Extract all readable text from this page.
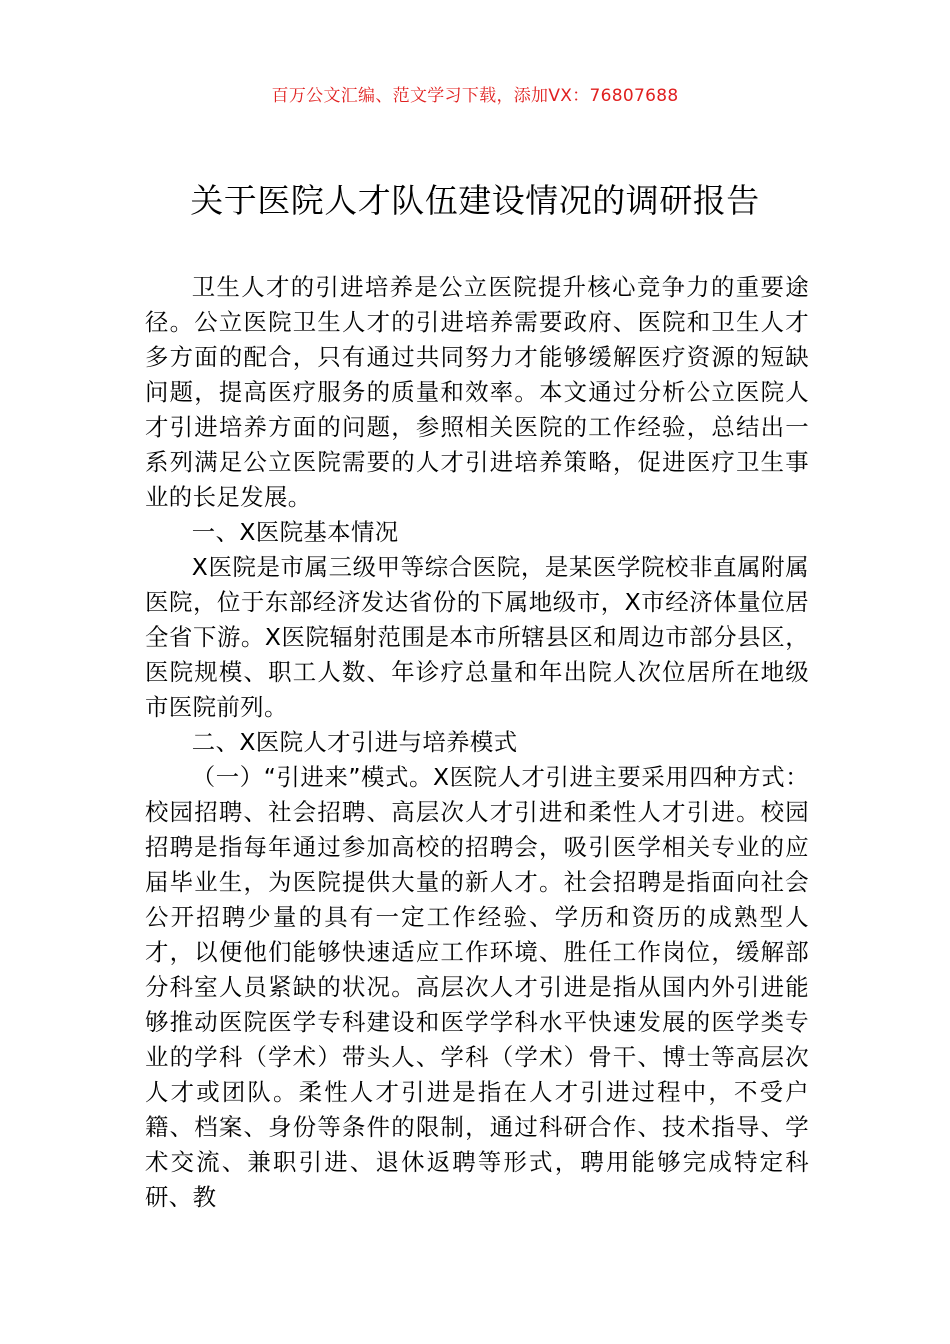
百万公文汇编、范文学习下载，添加VX：76807688
关于医院人才队伍建设情况的调研报告

卫生人才的引进培养是公立医院提升核心竞争力的重要途径。公立医院卫生人才的引进培养需要政府、医院和卫生人才多方面的配合，只有通过共同努力才能够缓解医疗资源的短缺问题，提高医疗服务的质量和效率。本文通过分析公立医院人才引进培养方面的问题，参照相关医院的工作经验，总结出一系列满足公立医院需要的人才引进培养策略，促进医疗卫生事业的长足发展。

一、X医院基本情况

X医院是市属三级甲等综合医院，是某医学院校非直属附属医院，位于东部经济发达省份的下属地级市，X市经济体量位居全省下游。X医院辐射范围是本市所辖县区和周边市部分县区，医院规模、职工人数、年诊疗总量和年出院人次位居所在地级市医院前列。

二、X医院人才引进与培养模式

（一）“引进来”模式。X医院人才引进主要采用四种方式：校园招聘、社会招聘、高层次人才引进和柔性人才引进。校园招聘是指每年通过参加高校的招聘会，吸引医学相关专业的应届毕业生，为医院提供大量的新人才。社会招聘是指面向社会公开招聘少量的具有一定工作经验、学历和资历的成熟型人才，以便他们能够快速适应工作环境、胜任工作岗位，缓解部分科室人员紧缺的状况。高层次人才引进是指从国内外引进能够推动医院医学专科建设和医学学科水平快速发展的医学类专业的学科（学术）带头人、学科（学术）骨干、博士等高层次人才或团队。柔性人才引进是指在人才引进过程中，不受户籍、档案、身份等条件的限制，通过科研合作、技术指导、学术交流、兼职引进、退休返聘等形式，聘用能够完成特定科研、教
